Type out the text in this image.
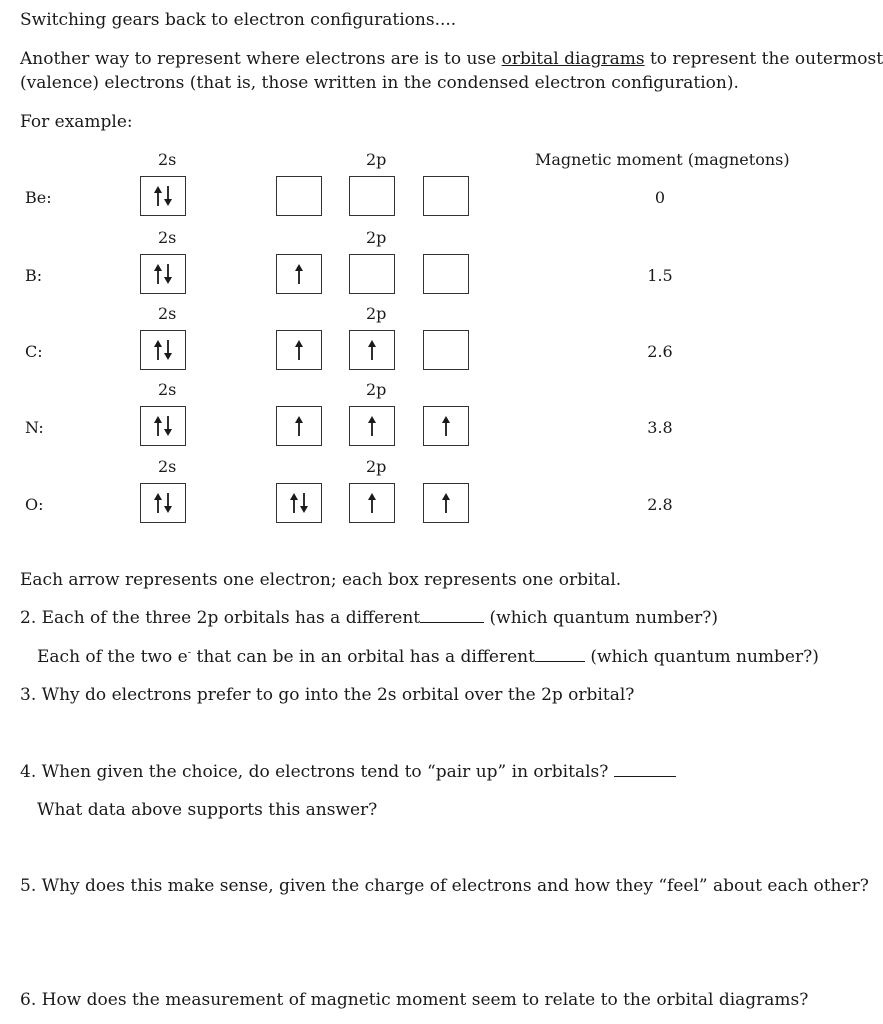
Switching gears back to electron configurations....
Another way to represent where electrons are is to use orbital diagrams to represent the outermost
(valence) electrons (that is, those written in the condensed electron configuration).
For example:
Magnetic moment (magnetons)
2s	2p
Be:	0
2s	2p
B:	1.5
2s	2p
C:	2.6
2s	2p
N:	3.8
2s	2p
O:	2.8
Each arrow represents one electron; each box represents one orbital.
2. Each of the three 2p orbitals has a different	(which quantum number?)
Each of the two e- that can be in an orbital has a different	(which quantum number?)
3. Why do electrons prefer to go into the 2s orbital over the 2p orbital?
4. When given the choice, do electrons tend to “pair up” in orbitals?
What data above supports this answer?
5. Why does this make sense, given the charge of electrons and how they “feel” about each other?
6. How does the measurement of magnetic moment seem to relate to the orbital diagrams?
